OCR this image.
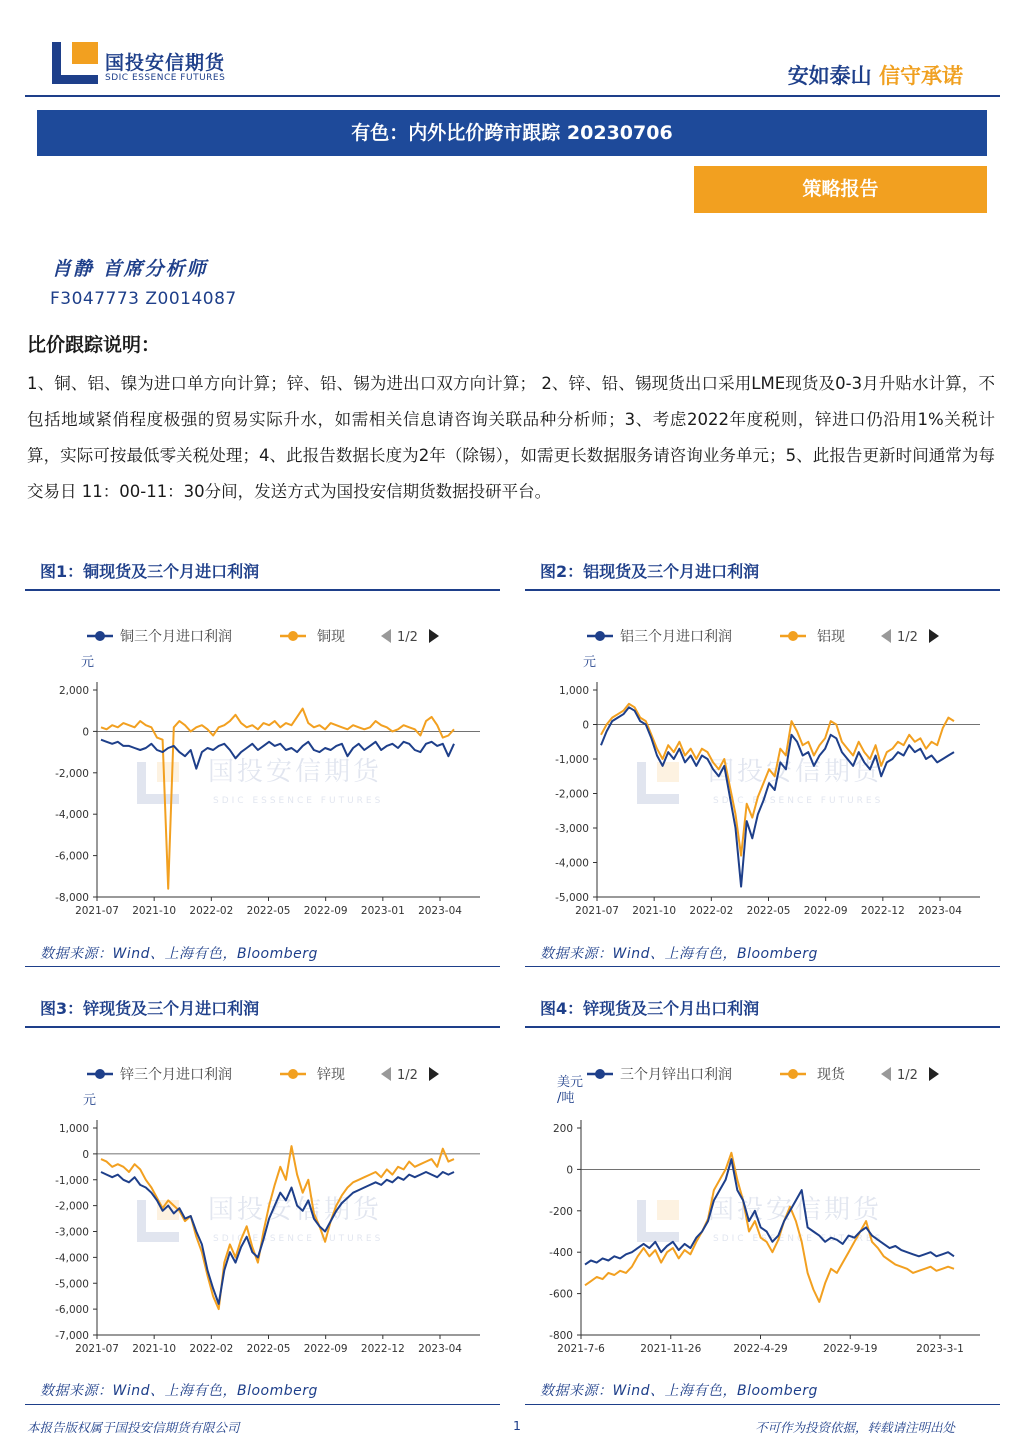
国投安信期货
SDIC ESSENCE FUTURES	安如泰山 信守承诺
有色：内外比价跨市跟踪 20230706
策略报告
肖静 首席分析师
F3047773 Z0014087
比价跟踪说明：
1、铜、铝、镍为进口单方向计算；锌、铅、锡为进出口双方向计算； 2、锌、铅、锡现货出口采用LME现货及0-3月升贴水计算，不包括地域紧俏程度极强的贸易实际升水，如需相关信息请咨询关联品种分析师；3、考虑2022年度税则，锌进口仍沿用1%关税计算，实际可按最低零关税处理；4、此报告数据长度为2年（除锡），如需更长数据服务请咨询业务单元；5、此报告更新时间通常为每交易日 11：00-11：30分间，发送方式为国投安信期货数据投研平台。
图1：铜现货及三个月进口利润
铜三个月进口利润	铜现	1/2
元
国投安信期货
SDIC ESSENCE FUTURES
2,000
0
-2,000
-4,000
-6,000
-8,000
2021-07 2021-10 2022-02 2022-05 2022-09 2023-01 2023-04
数据来源：Wind、上海有色，Bloomberg
图2：铝现货及三个月进口利润
铝三个月进口利润	铝现	1/2
元
国投安信期货
SDIC ESSENCE FUTURES
1,000
0
-1,000
-2,000
-3,000
-4,000
-5,000
2021-07 2021-10 2022-02 2022-05 2022-09 2022-12 2023-04
数据来源：Wind、上海有色，Bloomberg
图3：锌现货及三个月进口利润
锌三个月进口利润	锌现	1/2
元
国投安信期货
SDIC ESSENCE FUTURES
1,000
0
-1,000
-2,000
-3,000
-4,000
-5,000
-6,000
-7,000
2021-07 2021-10 2022-02 2022-05 2022-09 2022-12 2023-04
数据来源：Wind、上海有色，Bloomberg
图4：锌现货及三个月出口利润
三个月锌出口利润	现货	1/2
美元
/吨
国投安信期货
SDIC ESSENCE FUTURES
200
0
-200
-400
-600
-800
2021-7-6	2021-11-26	2022-4-29	2022-9-19	2023-3-1
数据来源：Wind、上海有色，Bloomberg
本报告版权属于国投安信期货有限公司	1	不可作为投资依据，转载请注明出处
